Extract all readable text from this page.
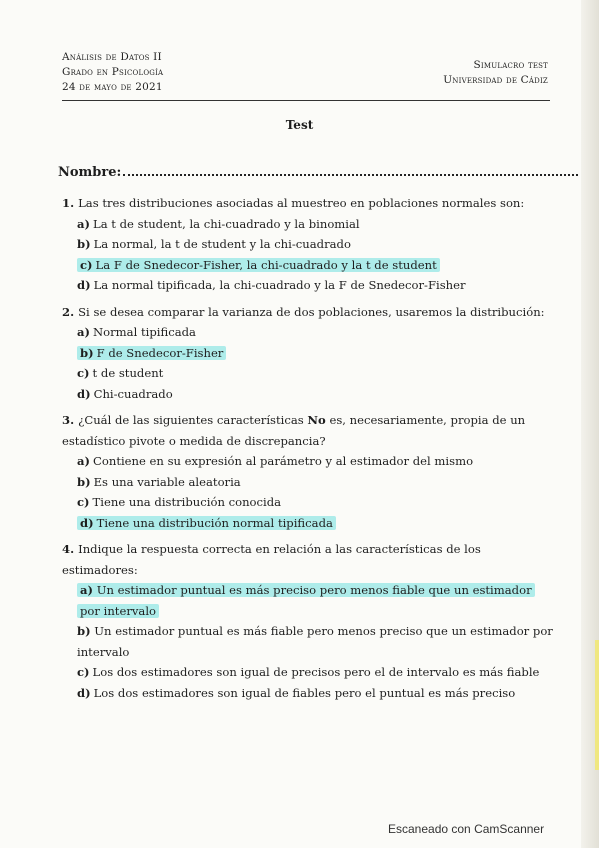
Análisis de Datos II
Grado en Psicología
24 de mayo de 2021
Simulacro test
Universidad de Cádiz
Test
Nombre:
1. Las tres distribuciones asociadas al muestreo en poblaciones normales son:
a) La t de student, la chi-cuadrado y la binomial
b) La normal, la t de student y la chi-cuadrado
c) La F de Snedecor-Fisher, la chi-cuadrado y la t de student
d) La normal tipificada, la chi-cuadrado y la F de Snedecor-Fisher
2. Si se desea comparar la varianza de dos poblaciones, usaremos la distribución:
a) Normal tipificada
b) F de Snedecor-Fisher
c) t de student
d) Chi-cuadrado
3. ¿Cuál de las siguientes características No es, necesariamente, propia de un estadístico pivote o medida de discrepancia?
a) Contiene en su expresión al parámetro y al estimador del mismo
b) Es una variable aleatoria
c) Tiene una distribución conocida
d) Tiene una distribución normal tipificada
4. Indique la respuesta correcta en relación a las características de los estimadores:
a) Un estimador puntual es más preciso pero menos fiable que un estimador por intervalo
b) Un estimador puntual es más fiable pero menos preciso que un estimador por intervalo
c) Los dos estimadores son igual de precisos pero el de intervalo es más fiable
d) Los dos estimadores son igual de fiables pero el puntual es más preciso
Escaneado con CamScanner
